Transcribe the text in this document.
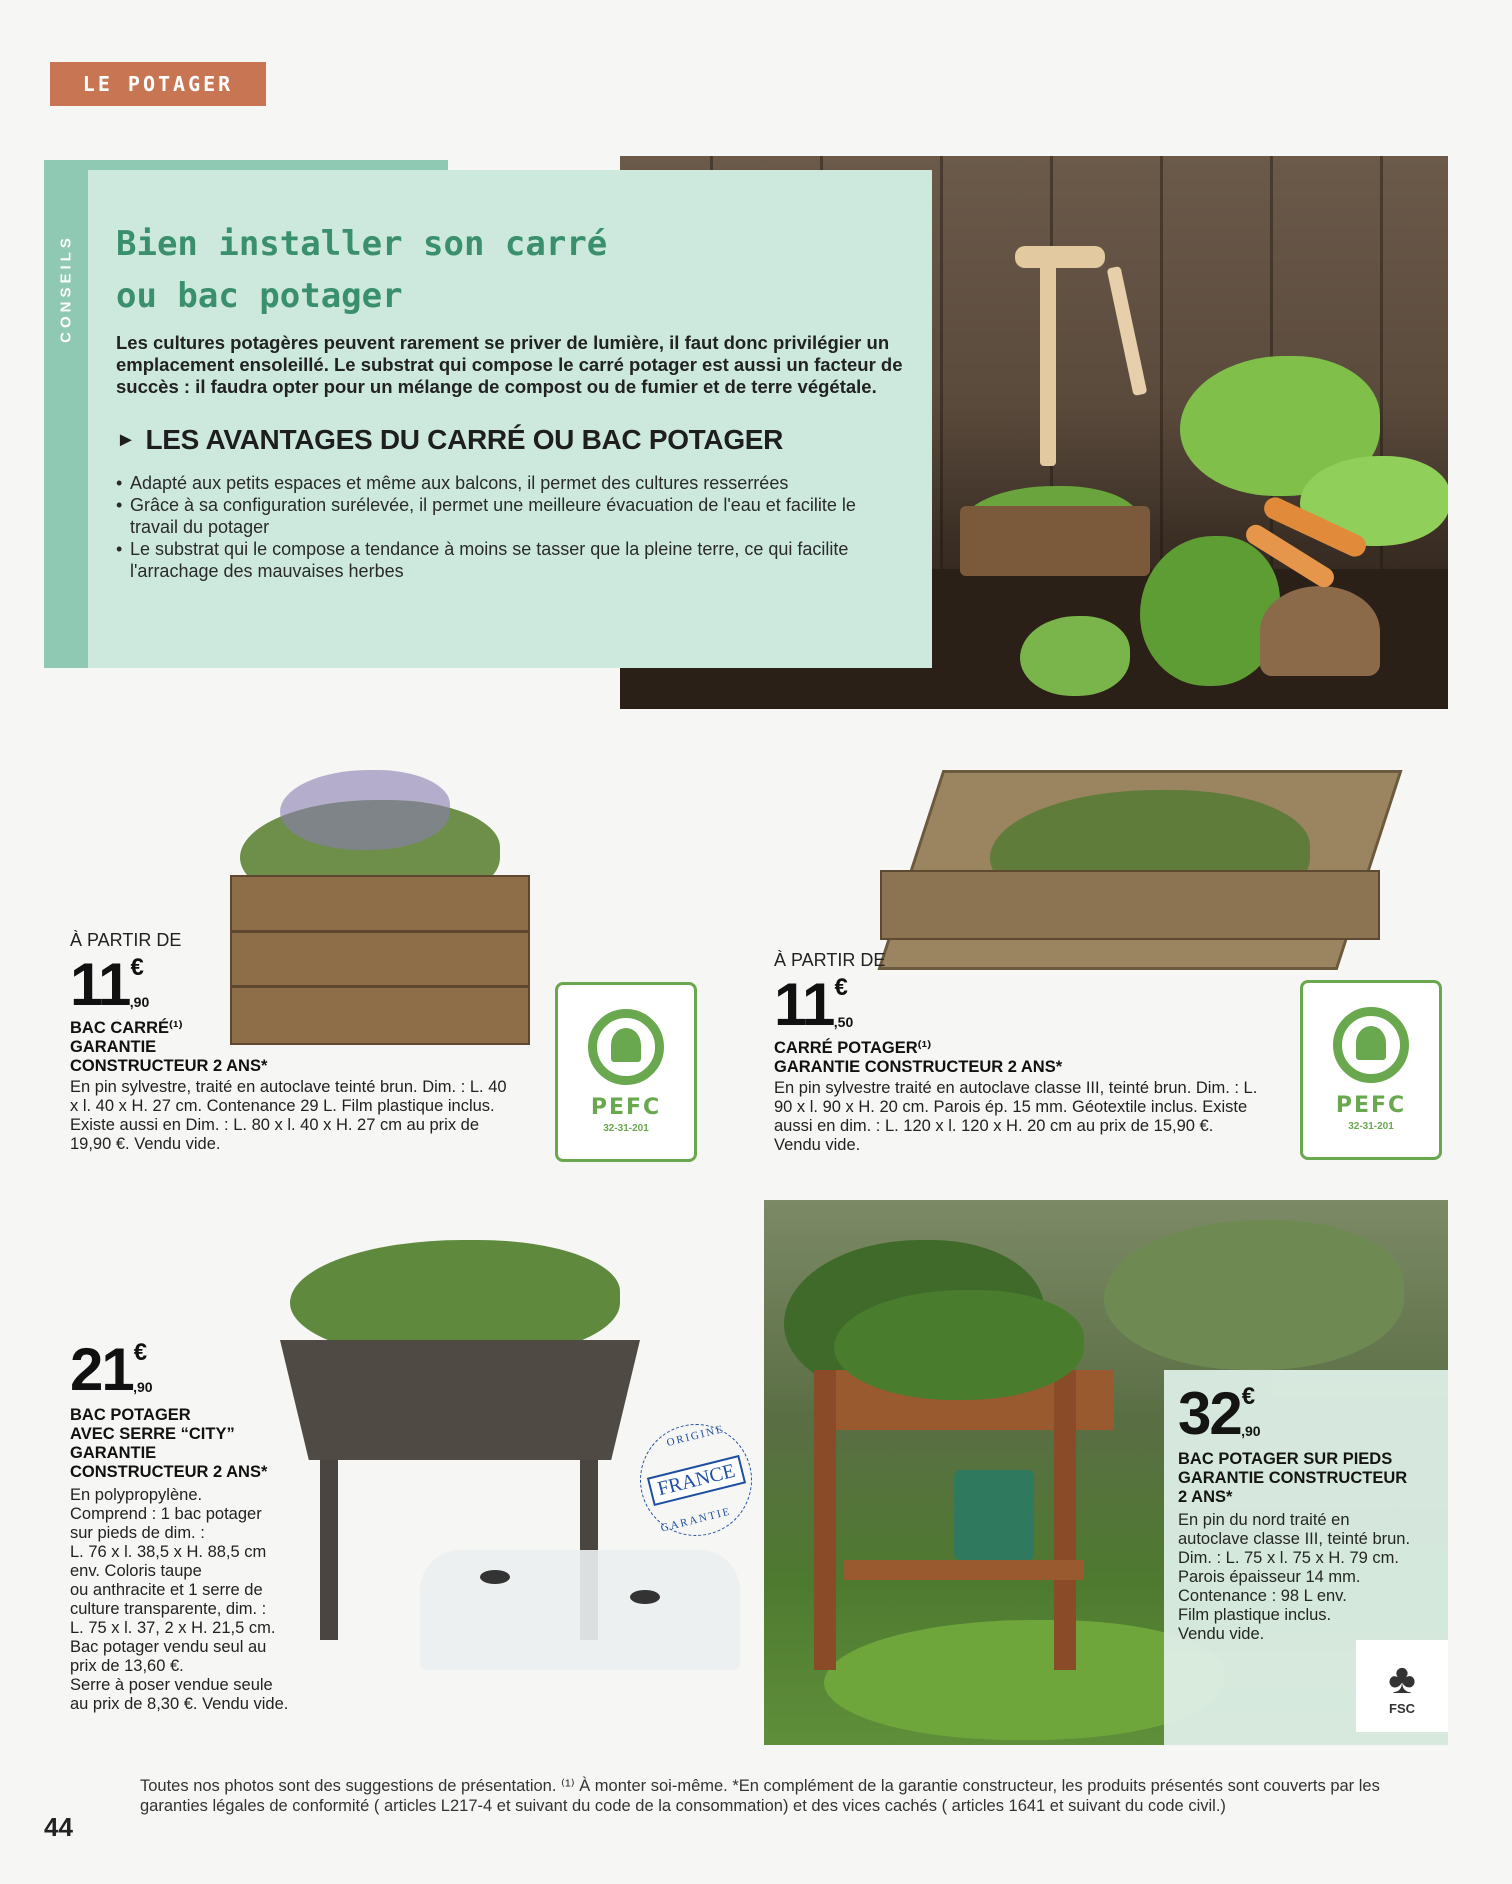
LE POTAGER
CONSEILS Bien installer son carré
ou bac potager

Les cultures potagères peuvent rarement se priver de lumière, il faut donc privilégier un emplacement ensoleillé. Le substrat qui compose le carré potager est aussi un facteur de succès : il faudra opter pour un mélange de compost ou de fumier et de terre végétale.

► LES AVANTAGES DU CARRÉ OU BAC POTAGER
• Adapté aux petits espaces et même aux balcons, il permet des cultures resserrées
• Grâce à sa configuration surélevée, il permet une meilleure évacuation de l'eau et facilite le travail du potager
• Le substrat qui le compose a tendance à moins se tasser que la pleine terre, ce qui facilite l'arrachage des mauvaises herbes
À PARTIR DE
11€,90
BAC CARRÉ⁽¹⁾
GARANTIE
CONSTRUCTEUR 2 ANS*

En pin sylvestre, traité en autoclave teinté brun. Dim. : L. 40 x l. 40 x H. 27 cm. Contenance 29 L. Film plastique inclus. Existe aussi en Dim. : L. 80 x l. 40 x H. 27 cm au prix de 19,90 €. Vendu vide.

PEFC
32-31-201
À PARTIR DE
11€,50
CARRÉ POTAGER⁽¹⁾
GARANTIE CONSTRUCTEUR 2 ANS*

En pin sylvestre traité en autoclave classe III, teinté brun. Dim. : L. 90 x l. 90 x H. 20 cm. Parois ép. 15 mm. Géotextile inclus. Existe aussi en dim. : L. 120 x l. 120 x H. 20 cm au prix de 15,90 €. Vendu vide.

PEFC
32-31-201
21€,90
BAC POTAGER
AVEC SERRE “CITY”
GARANTIE
CONSTRUCTEUR 2 ANS*
En polypropylène.
Comprend : 1 bac potager
sur pieds de dim. :
L. 76 x l. 38,5 x H. 88,5 cm
env. Coloris taupe
ou anthracite et 1 serre de
culture transparente, dim. :
L. 75 x l. 37, 2 x H. 21,5 cm.
Bac potager vendu seul au
prix de 13,60 €.
Serre à poser vendue seule
au prix de 8,30 €. Vendu vide.
ORIGINE
FRANCE
GARANTIE
32€,90
BAC POTAGER SUR PIEDS
GARANTIE CONSTRUCTEUR
2 ANS*
En pin du nord traité en
autoclave classe III, teinté brun.
Dim. : L. 75 x l. 75 x H. 79 cm.
Parois épaisseur 14 mm.
Contenance : 98 L env.
Film plastique inclus.
Vendu vide.
♣
FSC

Toutes nos photos sont des suggestions de présentation. ⁽¹⁾ À monter soi-même. *En complément de la garantie constructeur, les produits présentés sont couverts par les garanties légales de conformité ( articles L217-4 et suivant du code de la consommation) et des vices cachés ( articles 1641 et suivant du code civil.)

44
